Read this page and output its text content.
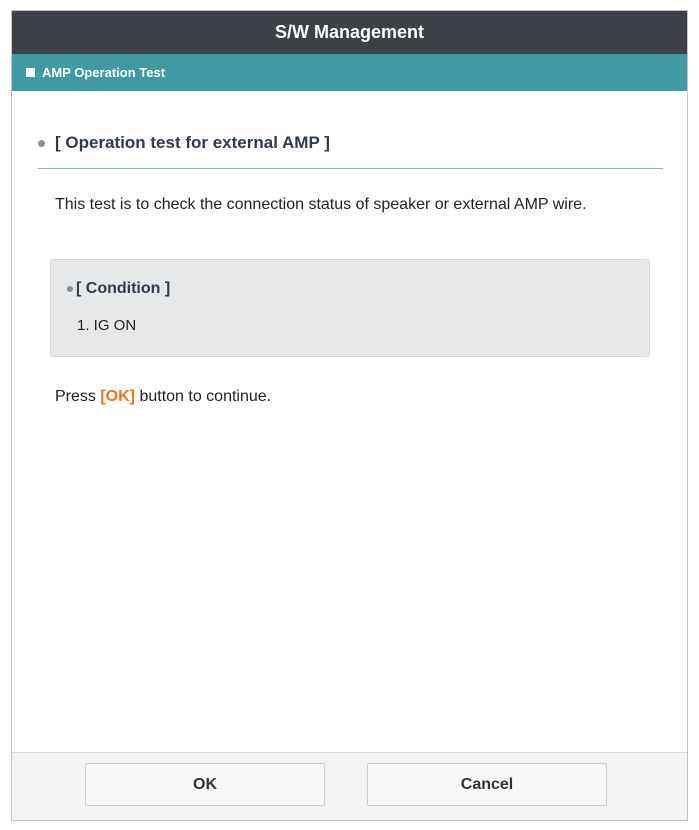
S/W Management
AMP Operation Test
[ Operation test for external AMP ]
This test is to check the connection status of speaker or external AMP wire.
[ Condition ]
1. IG ON
Press [OK] button to continue.
OK	Cancel
